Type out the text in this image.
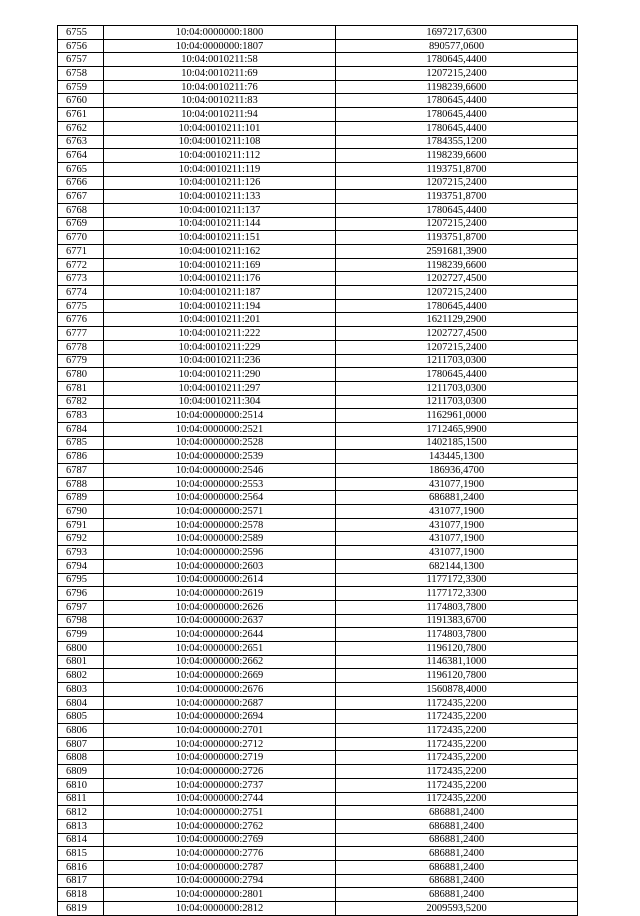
6755	10:04:0000000:1800	1697217,6300
6756	10:04:0000000:1807	890577,0600
6757	10:04:0010211:58	1780645,4400
6758	10:04:0010211:69	1207215,2400
6759	10:04:0010211:76	1198239,6600
6760	10:04:0010211:83	1780645,4400
6761	10:04:0010211:94	1780645,4400
6762	10:04:0010211:101	1780645,4400
6763	10:04:0010211:108	1784355,1200
6764	10:04:0010211:112	1198239,6600
6765	10:04:0010211:119	1193751,8700
6766	10:04:0010211:126	1207215,2400
6767	10:04:0010211:133	1193751,8700
6768	10:04:0010211:137	1780645,4400
6769	10:04:0010211:144	1207215,2400
6770	10:04:0010211:151	1193751,8700
6771	10:04:0010211:162	2591681,3900
6772	10:04:0010211:169	1198239,6600
6773	10:04:0010211:176	1202727,4500
6774	10:04:0010211:187	1207215,2400
6775	10:04:0010211:194	1780645,4400
6776	10:04:0010211:201	1621129,2900
6777	10:04:0010211:222	1202727,4500
6778	10:04:0010211:229	1207215,2400
6779	10:04:0010211:236	1211703,0300
6780	10:04:0010211:290	1780645,4400
6781	10:04:0010211:297	1211703,0300
6782	10:04:0010211:304	1211703,0300
6783	10:04:0000000:2514	1162961,0000
6784	10:04:0000000:2521	1712465,9900
6785	10:04:0000000:2528	1402185,1500
6786	10:04:0000000:2539	143445,1300
6787	10:04:0000000:2546	186936,4700
6788	10:04:0000000:2553	431077,1900
6789	10:04:0000000:2564	686881,2400
6790	10:04:0000000:2571	431077,1900
6791	10:04:0000000:2578	431077,1900
6792	10:04:0000000:2589	431077,1900
6793	10:04:0000000:2596	431077,1900
6794	10:04:0000000:2603	682144,1300
6795	10:04:0000000:2614	1177172,3300
6796	10:04:0000000:2619	1177172,3300
6797	10:04:0000000:2626	1174803,7800
6798	10:04:0000000:2637	1191383,6700
6799	10:04:0000000:2644	1174803,7800
6800	10:04:0000000:2651	1196120,7800
6801	10:04:0000000:2662	1146381,1000
6802	10:04:0000000:2669	1196120,7800
6803	10:04:0000000:2676	1560878,4000
6804	10:04:0000000:2687	1172435,2200
6805	10:04:0000000:2694	1172435,2200
6806	10:04:0000000:2701	1172435,2200
6807	10:04:0000000:2712	1172435,2200
6808	10:04:0000000:2719	1172435,2200
6809	10:04:0000000:2726	1172435,2200
6810	10:04:0000000:2737	1172435,2200
6811	10:04:0000000:2744	1172435,2200
6812	10:04:0000000:2751	686881,2400
6813	10:04:0000000:2762	686881,2400
6814	10:04:0000000:2769	686881,2400
6815	10:04:0000000:2776	686881,2400
6816	10:04:0000000:2787	686881,2400
6817	10:04:0000000:2794	686881,2400
6818	10:04:0000000:2801	686881,2400
6819	10:04:0000000:2812	2009593,5200
